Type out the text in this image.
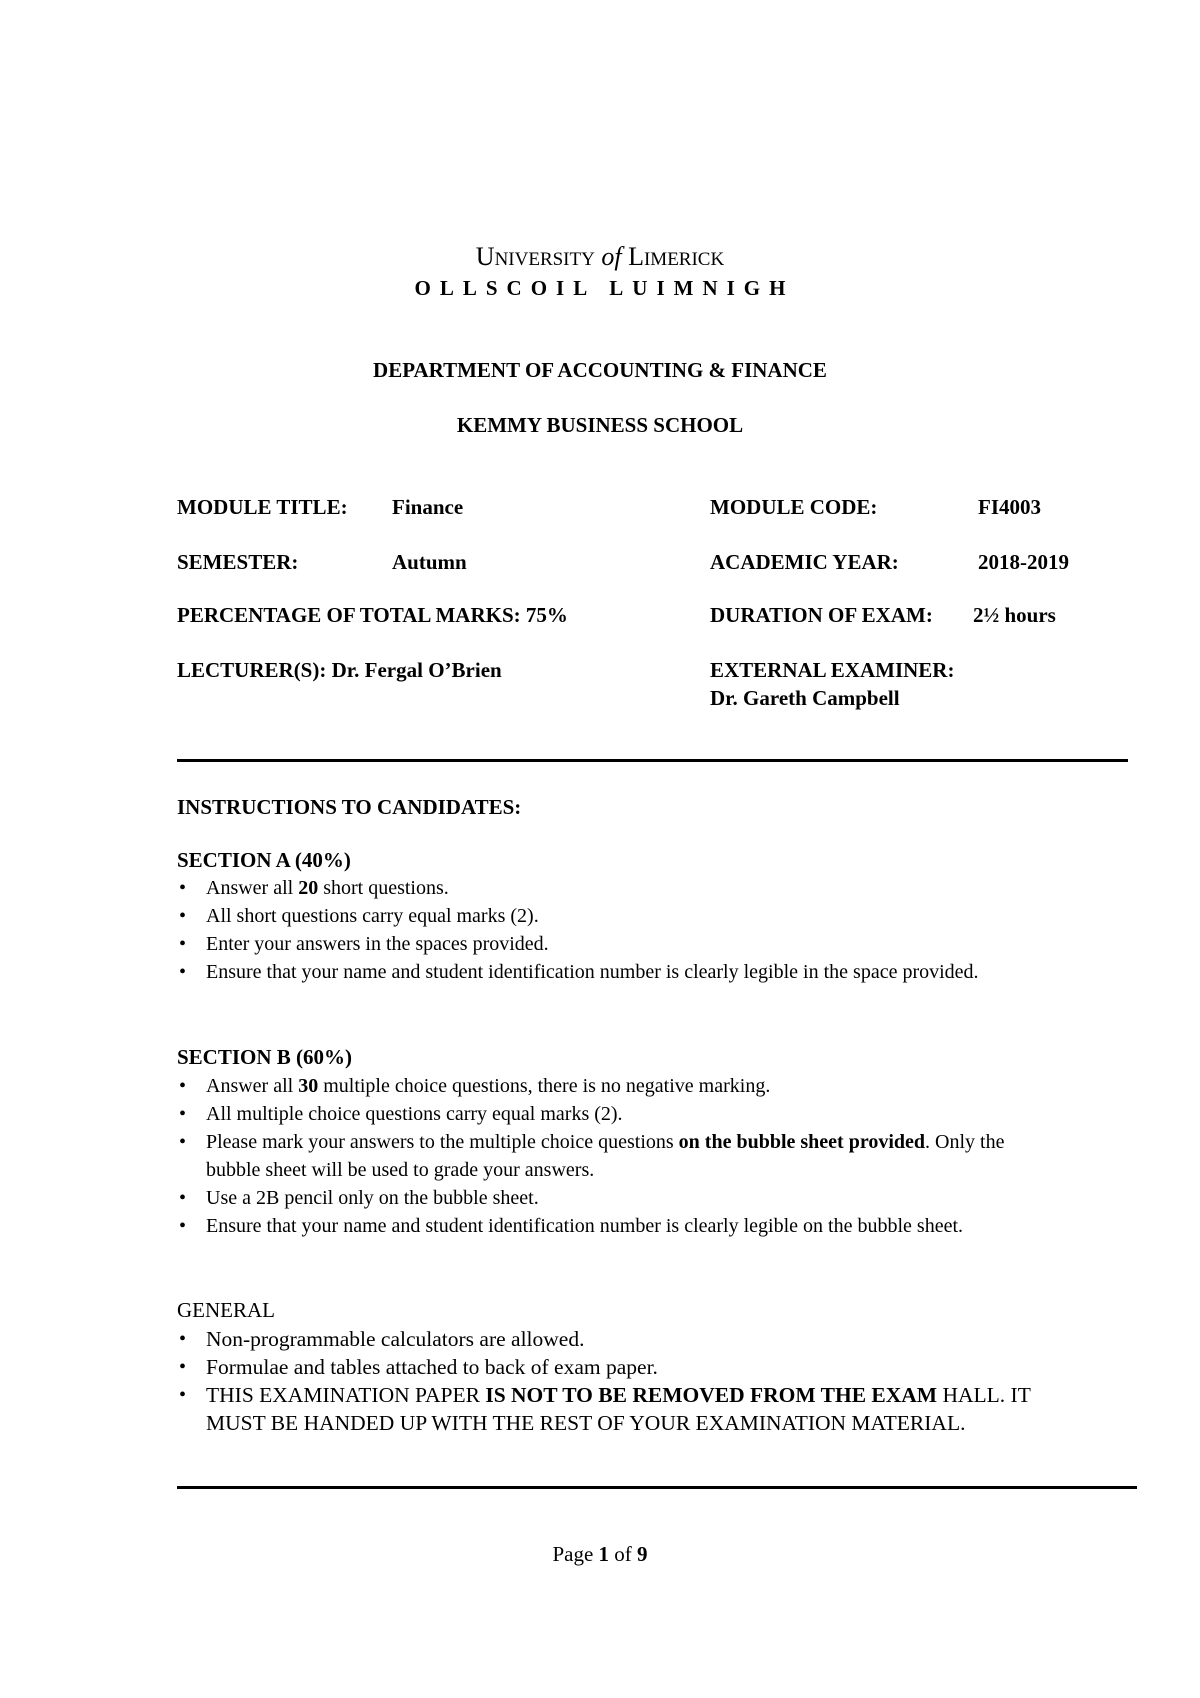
UNIVERSITY of LIMERICK
OLLSCOIL LUIMNIGH
DEPARTMENT OF ACCOUNTING & FINANCE
KEMMY BUSINESS SCHOOL
MODULE TITLE: Finance	MODULE CODE:	FI4003
SEMESTER:	Autumn	ACADEMIC YEAR:	2018-2019
PERCENTAGE OF TOTAL MARKS: 75%	DURATION OF EXAM: 2½ hours
LECTURER(S): Dr. Fergal O’Brien	EXTERNAL EXAMINER:
Dr. Gareth Campbell
INSTRUCTIONS TO CANDIDATES:
SECTION A (40%)
• Answer all 20 short questions.
• All short questions carry equal marks (2).
• Enter your answers in the spaces provided.
• Ensure that your name and student identification number is clearly legible in the space provided.
SECTION B (60%)
• Answer all 30 multiple choice questions, there is no negative marking.
• All multiple choice questions carry equal marks (2).
• Please mark your answers to the multiple choice questions on the bubble sheet provided. Only the bubble sheet will be used to grade your answers.
• Use a 2B pencil only on the bubble sheet.
• Ensure that your name and student identification number is clearly legible on the bubble sheet.
GENERAL
• Non-programmable calculators are allowed.
• Formulae and tables attached to back of exam paper.
• THIS EXAMINATION PAPER IS NOT TO BE REMOVED FROM THE EXAM HALL. IT MUST BE HANDED UP WITH THE REST OF YOUR EXAMINATION MATERIAL.
Page 1 of 9
